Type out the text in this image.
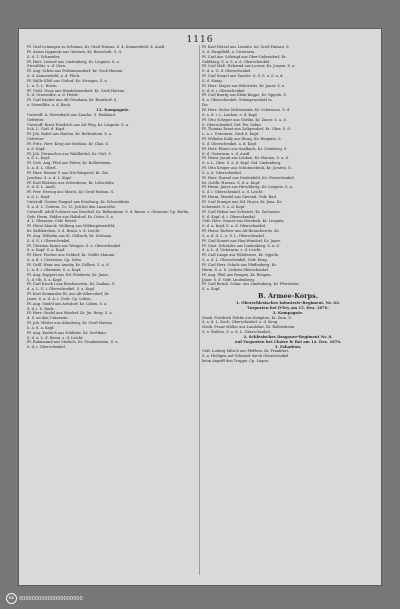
1116
Pf. Graf Leiningen zu Schönau, Kr. Groß-Hatzau. S. 4. Konnersfeld, d. Ausfl.
Pf. Anton Lippinski aus Gniesen, Kr. Bernstadt. S. d.
S. d. 1. Schneider.
Pf. Herr. Lionert aus Lindenberg, Kr. Liegnitz. S. a.
Streußlitz. s. d. Gern.
Pf. Aug. Schön aus Peilsmannsdorf, Kr. Groß-Hatzau.
S. d. Konnersfeld, a. d. Fleck.
Pf. Walle Klöß aus Gödorf, Kr. Striegau. S. a.
L. u. S. L. Herrn.
Pf. Gottl. Nuse aus Wandelsmeskorf, Kr. Groß-Hatzau.
S. d. Graweslitz. a. d. Heide.
Pf. Carl Sander aus Alt-Grauhain, Kr. Brandorf. S.
a. Streußlitz. a. d. Bach.
12. Kompagnie.
Unteroff. A. Moersbach aus Zaucke. S. Einklund.
Gefreiter.
Unteroff. Ernst Friedrich aus Alt-Fleg, Kr. Liegnitz. S. a.
Sch. L. Görl. d. Kopf.
Pf. Joh. Robel aus Hartau, Kr. Bolkenhain. S. a.
Gefreiter.
Pf. Fritz. Herr. Krug aus Hofsiau, Kr. Glan. S.
a. d. Kopf.
Pf. Joh. Dörmscher aus Waldhüttel, Kr. Görl. S.
a. d. L. Kopf.
Pf. Gott. Aug. Pfeil aus Pätter, Kr. Bollersheim.
S. a. d. L. Oberl.
Pf. Herr. Herner F. aus Nie-Wargsorf, Kr. Zin.
Jauchau. S. a. d. L. Kopf.
Pf. Karl Elsässer aus Schiederau, Kr. Löbschütz.
S. d. d. L. Ausfl.
Pf. Ferr. Herzog aus Mösch, Kr. Groß-Hatzau. S.
a. d. L. Kopf.
Unteroff. Gustav Pangsel aus Ernsburg, Kr. Schweidnitz.
S. a. d. L. Unterm. Cr. 13. Juli bei den Lazarethe.
Unteroff. Adolf Schöner aus Neudorf, Kr. Bolkenhain. S. d. Baum. s. Oberarm. Cp. Berlin.
Gefr. Herm. Falder aus Halsdorf, Kr. Oster. S. a.
d. L. Oberarm. Gefr. Beerit.
Pf. Hörst Manck. Wolburg aus Wildenpiesenfeld,
Kr. Kelbkirchen. S. d. Bruni. s. d. Leicht.
Pf. Aug. Wilhelm aus St. Gelbach, Kr. Schönau.
S. d. S. i. Oberschenkel.
Pf. Christan Kranz aus Wengen. S. a. Oberschenkel.
S. a. Kopf. S. a. Kopf.
Pf. Herr. Fischer aus Geldorf, Kr. Goldb.-Hainau.
S. a. d. i. Unterarm. Cp. Sohn.
Pf. Grill. Waur aus Ameby, Kr. Dölben. S. a. d.
L. a. d. i. Oberarm. S. a. Kopf.
Pf. Aug. Kopperl aus Nd. Peiskretz, Kr. Jauer.
S. d. Ob. S. a. Kopf.
Pf. Carl Kruck I aus Reichenstein, Kr. Zaukau. S.
d. a. L. G. i. Oberschenkel. S. a. Kopf.
Pf. Karl Stemmsler III. aus Alt-Albersdorf, Kr.
Jauer. S. a. d. A. i. Gerb. Cp. Löben.
Pf. Aug. Seidel aus Aelsdorf, Kr. Löben. S. a.
S. d. i. S. Ruck.
Pf. Herr. Stodel aus Wiedorf, Kr. Jin. Berg. S. a.
d. S. an den Unterarm.
Pf. Joh. Hütter aus Altenberg, Kr. Groß-Hatzau.
S. a. d. a. Kopf.
Pf. Aug. Knörich aus Schlieke, Kr. Grottkau.
S. d. a. L. d. Bruni. s. d. Leicht.
Pf. Rahmannd aus Stedsch, Kr. Frankenstein. S. a.
S. d. i. Oberschenkel.
Pf. Karl Hörsel aus Leisnitz, Kr. Groß-Hatzau. S.
S. d. Hauptfeld. a. Unterarm.
Pf. Carl Arz. Schönpf aus Ober-Dahmsdorf, Kr.
Goldberg. S. a. S. a. d. Oberschenkel.
Pf. Carl Mäß. Hebernd aus Lorenz, Kr. Jorgau. S. a.
S. d. a. G. d. Oberschenkel.
Pf. Carl Sorgel aus Zaucke. S. d. S. a. S. a. d.
S. d. Maup.
Pf. Herr. Meger aus Bitterwitz, Kr. Jauer. S. a.
S. d. d. i. Oberschenkel.
Pf. Carl Barrig aus Klein-Kuppe, Kr. Oppeln. S.
d. a. Oberschenkel. Gefangenschaft in
Ihr.
Pf. Herr. Stolze Mittermeier, Kr. Schwenau. S. d.
S. a. d. i. L. Lauben. s. d. Kopf.
Pf. Otto Scheper aus Görlitz, Kr. Zauer. S. a. d.
S. Oberschenkel. Gef. Pw. Gefan.
Pf. Thomas Ernst aus Zaltgendorf, Kr. Oher. S. d.
L. a. i. Unterarm. Groß d. Kopf.
Pf. Wilhelm Kolly aus Iburg, Kr. Hiegnitz. S.
S. d. Oberschenkel. a. d. Kopf.
Pf. Herr. Elsner aus Saalbach, Kr. Grünberg. S.
S. d. Unterarm. s. d. Ausfl.
Pf. Heinr. Jacob aus Leuben, Kr. Hainau. S. a. d.
S. a. L. Ober. S. a. d. Kopf. Gef. Lindenberg.
Pf. Otto Krüger aus Schutenebeck, Kr. Jorsten. S.
S. a. d. Oberschenkel.
Pf. Herr. Hansel aus Neidenfeld, Kr. Oberschenkel.
Kr. Goldb.-Harzau. S. d. a. Kopf.
Pf. Herm. Jauer aus Hirschberg, Kr. Liegnitz. S. a.
S. d. i. Oberschenkel. a. d. Leicht.
Pf. Herm. Mentel aus Gierstal. Gefr. Bad.
Pf. Carl Stumpe aus Nd. Hoyer, Kr. Jena. Kr.
Schwendt. S. a. d. Kopf.
Pf. Carl Helms aus Schwirtz, Kr. Zacharias.
S. d. Kopf. d. i. Oberschenkel.
Gefr. Herr. Graner aus Neudeck, Kr. Liegnitz.
S. d. a. Kopf. S. a. d. Oberschenkel.
Pf. Heinr. Richter aus Alt-Benachowitz, Kr.
S. a. d. d. L. u. S. L. Oberschenkel.
Pf. Carl Kunert aus Hau-Wendorf, Kr. Jauer.
Pf. Gust. Schrader aus Lindenberg. S. a. d.
d. a. L. d. Unterarm. s. d. Leicht.
Pf. Carl Lange aus Wühlwiese, Kr. Oppeln.
S. a. d. L. Oberschenkel. Gefr. Krug.
Pf. Carl Herr. Schulz aus Pfaffenberg, Kr.
Herm. S. a. S. Lichem Oberschenkel.
Pf. Aug. Pfeil aus Rengen, Kr. Rengen.
Jauer. S. d. Gefr. Lindenberg.
Pf. Carl Bernh. Schur. aus Lindenberg, Kr. Pforzheim.
S. a. Kopf.
B. Armee-Korps.
1. Oberschlesisches Infanterie-Regiment. Nr. 63.
Vorposten bei D'Ery am 15. Dez. 1870.
3. Kompagnie.
Musk. Friedrich Falcke aus Kempten, Kr. Zinn. S.
S. a. d. L. Koch. Oberschenkel. a. d. Krug.
Musk. Franz Müller aus Landshut, Kr. Bollersheim.
S. a. Ruhlen. S. a. d. L. Oberschenkel.
2. Schlesisches Dragoner-Regiment Nr. 8.
Auf Vorposten bei Chatre le Roi am 14. Dez. 1870.
3. Eskadron.
Gefr. Ludwig Milsch aus Pfeffern, Kr. Frankfurt.
S. a. Heiligen auf Schmied durch Oberschenkel
beim Angriff den Truppe. Cp. Lügen.
cc 00000000000000000000
